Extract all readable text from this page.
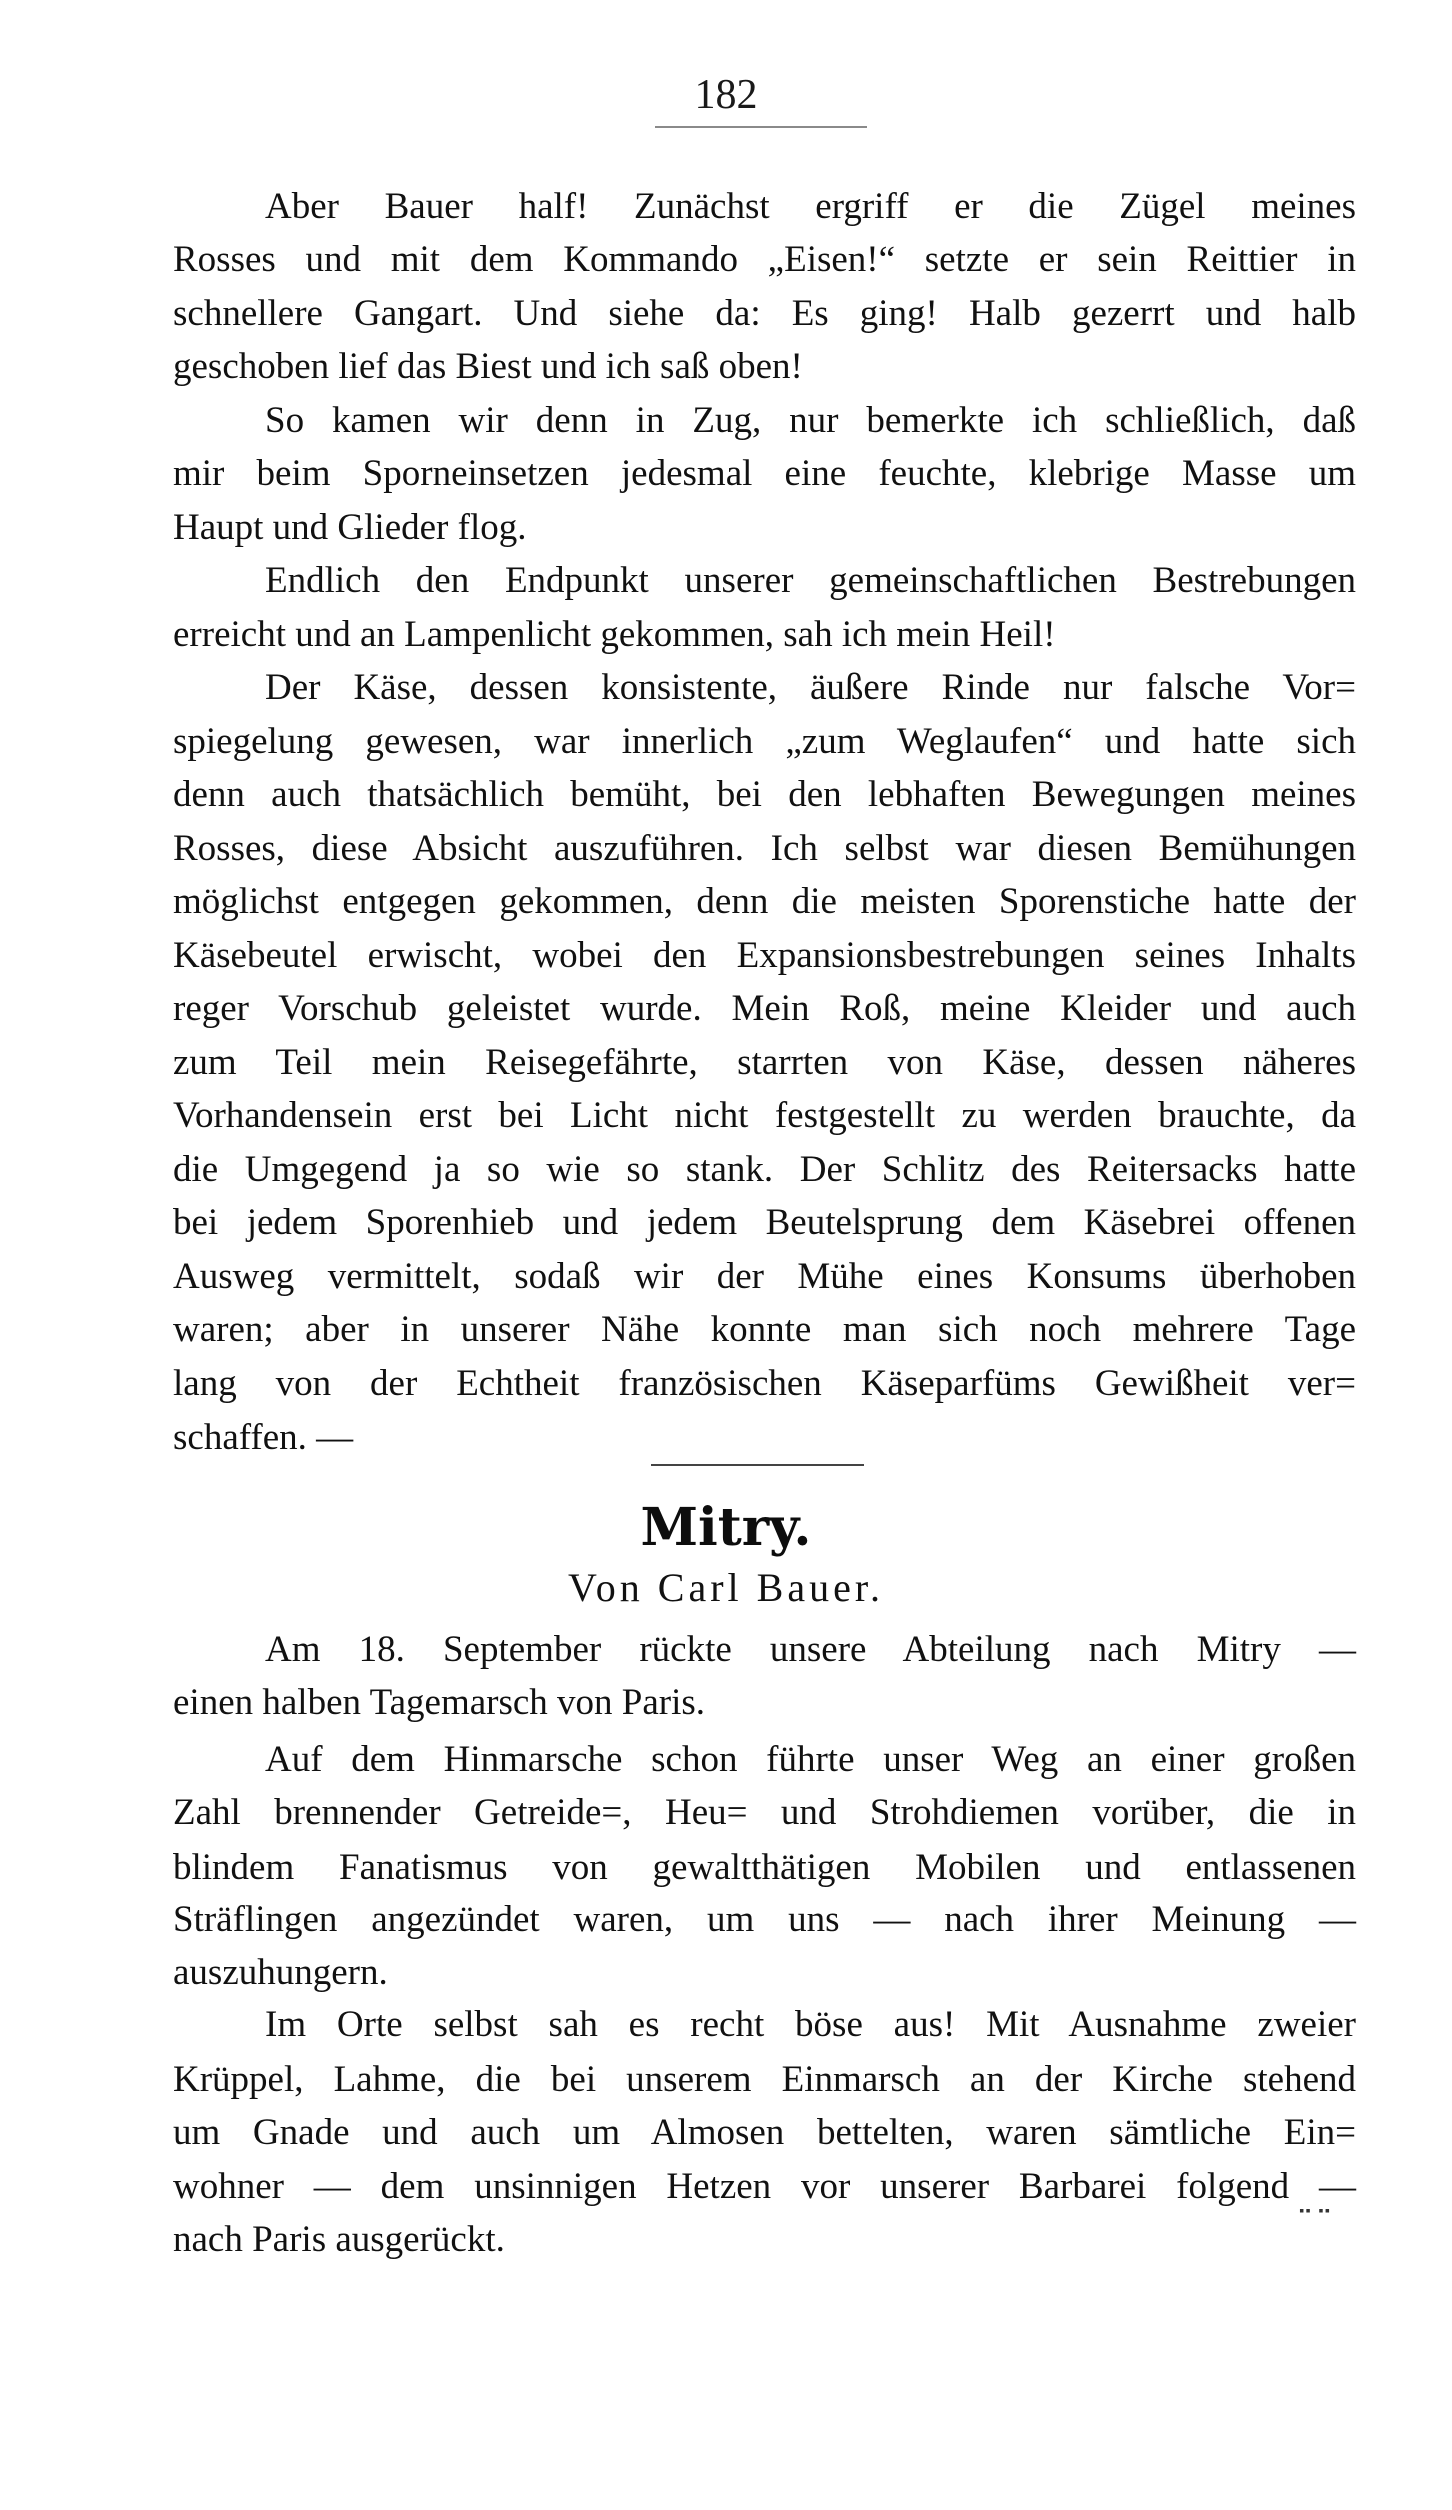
182
Aber Bauer half! Zunächst ergriff er die Zügel meines
Rosses und mit dem Kommando „Eisen!“ setzte er sein Reittier in
schnellere Gangart. Und siehe da: Es ging! Halb gezerrt und halb
geschoben lief das Biest und ich saß oben!
So kamen wir denn in Zug, nur bemerkte ich schließlich, daß
mir beim Sporneinsetzen jedesmal eine feuchte, klebrige Masse um
Haupt und Glieder flog.
Endlich den Endpunkt unserer gemeinschaftlichen Bestrebungen
erreicht und an Lampenlicht gekommen, sah ich mein Heil!
Der Käse, dessen konsistente, äußere Rinde nur falsche Vor=
spiegelung gewesen, war innerlich „zum Weglaufen“ und hatte sich
denn auch thatsächlich bemüht, bei den lebhaften Bewegungen meines
Rosses, diese Absicht auszuführen. Ich selbst war diesen Bemühungen
möglichst entgegen gekommen, denn die meisten Sporenstiche hatte der
Käsebeutel erwischt, wobei den Expansionsbestrebungen seines Inhalts
reger Vorschub geleistet wurde. Mein Roß, meine Kleider und auch
zum Teil mein Reisegefährte, starrten von Käse, dessen näheres
Vorhandensein erst bei Licht nicht festgestellt zu werden brauchte, da
die Umgegend ja so wie so stank. Der Schlitz des Reitersacks hatte
bei jedem Sporenhieb und jedem Beutelsprung dem Käsebrei offenen
Ausweg vermittelt, sodaß wir der Mühe eines Konsums überhoben
waren; aber in unserer Nähe konnte man sich noch mehrere Tage
lang von der Echtheit französischen Käseparfüms Gewißheit ver=
schaffen. —
Mitry.
Von Carl Bauer.
Am 18. September rückte unsere Abteilung nach Mitry —
einen halben Tagemarsch von Paris.
Auf dem Hinmarsche schon führte unser Weg an einer großen
Zahl brennender Getreide=, Heu= und Strohdiemen vorüber, die in
blindem Fanatismus von gewaltthätigen Mobilen und entlassenen
Sträflingen angezündet waren, um uns — nach ihrer Meinung —
auszuhungern.
Im Orte selbst sah es recht böse aus! Mit Ausnahme zweier
Krüppel, Lahme, die bei unserem Einmarsch an der Kirche stehend
um Gnade und auch um Almosen bettelten, waren sämtliche Ein=
wohner — dem unsinnigen Hetzen vor unserer Barbarei folgend —
nach Paris ausgerückt.
▪▪ ▪▪
